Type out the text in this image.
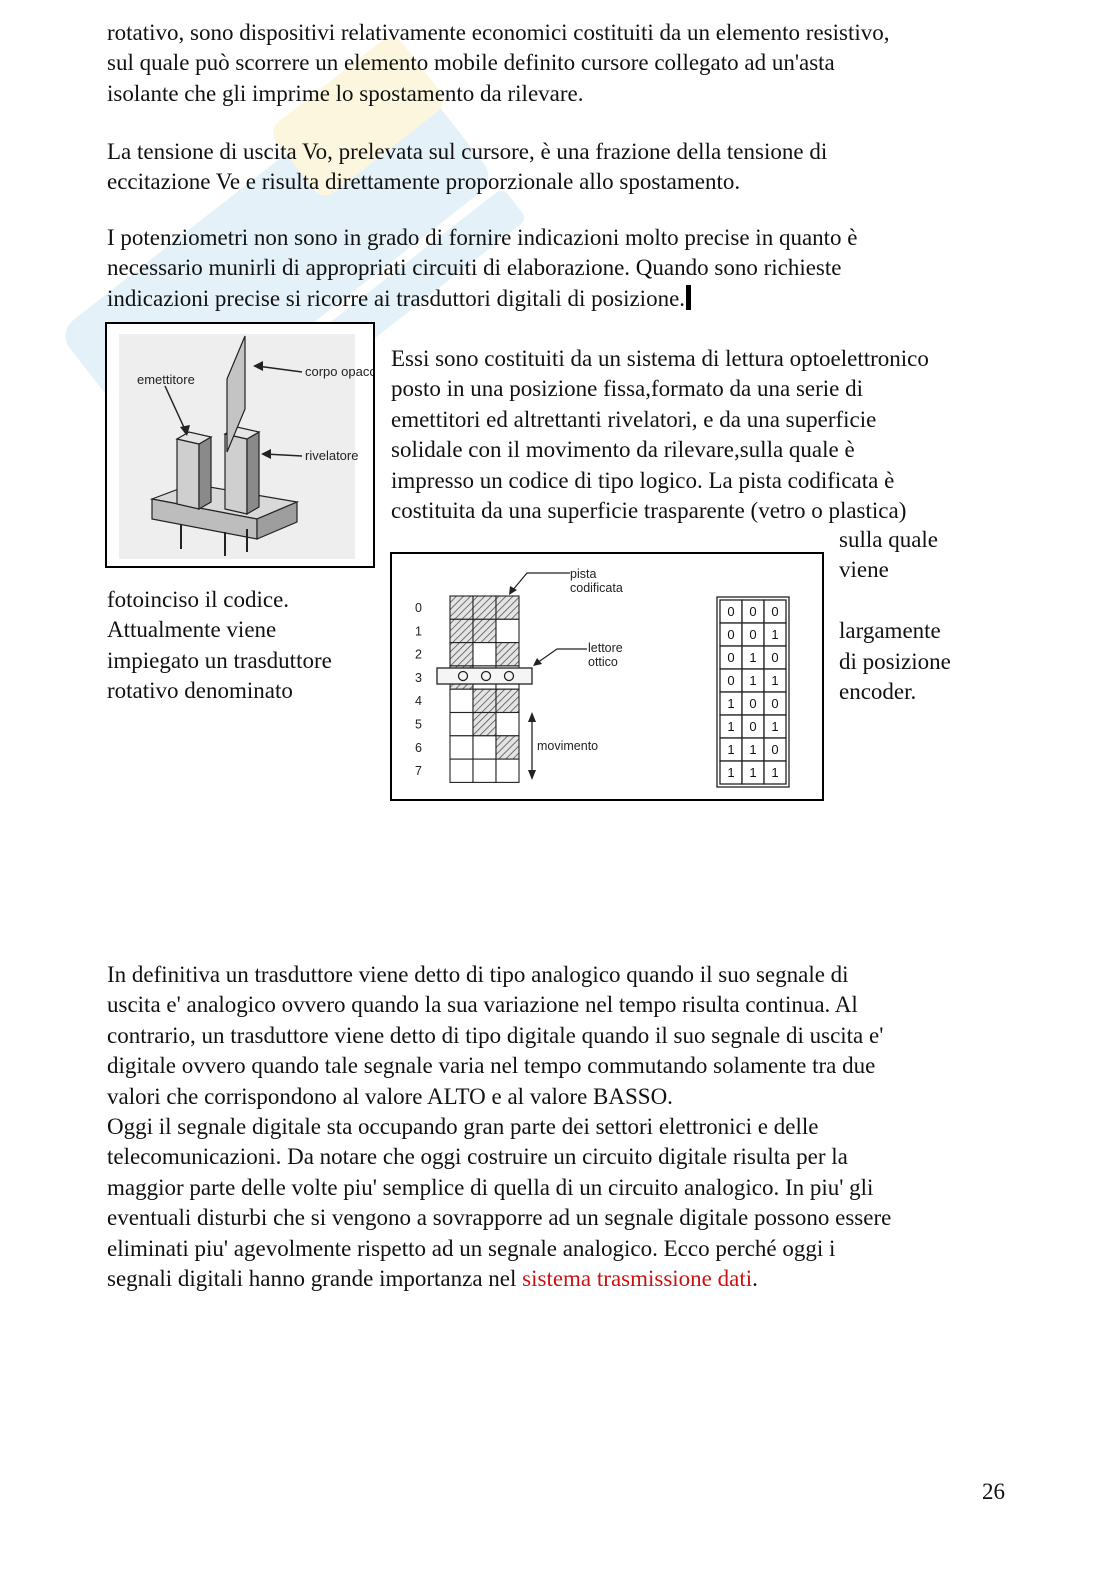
rotativo, sono dispositivi relativamente economici costituiti da un elemento resistivo,
sul quale può scorrere un elemento mobile definito cursore collegato ad un'asta
isolante che gli imprime lo spostamento da rilevare.

La tensione di uscita Vo, prelevata sul cursore, è una frazione della tensione di
eccitazione Ve e risulta direttamente proporzionale allo spostamento.

I potenziometri non sono in grado di fornire indicazioni molto precise in quanto è
necessario munirli di appropriati circuiti di elaborazione. Quando sono richieste
indicazioni precise si ricorre ai trasduttori digitali di posizione.

emettitore
corpo opaco
rivelatore

Essi sono costituiti da un sistema di lettura optoelettronico
posto in una posizione fissa,formato da una serie di
emettitori ed altrettanti rivelatori, e da una superficie
solidale con il movimento da rilevare,sulla quale è
impresso un codice di tipo logico. La pista codificata è
costituita da una superficie trasparente (vetro o plastica)

sulla quale
viene
largamente
di posizione
encoder.

fotoinciso il codice.
Attualmente viene
impiegato un trasduttore
rotativo denominato

0
1
2
3
4
5
6
7
pista
codificata
lettore
ottico
movimento
0 0 0
0 0 1
0 1 0
0 1 1
1 0 0
1 0 1
1 1 0
1 1 1

In definitiva un trasduttore viene detto di tipo analogico quando il suo segnale di
uscita e' analogico ovvero quando la sua variazione nel tempo risulta continua. Al
contrario, un trasduttore viene detto di tipo digitale quando il suo segnale di uscita e'
digitale ovvero quando tale segnale varia nel tempo commutando solamente tra due
valori che corrispondono al valore ALTO e al valore BASSO.
Oggi il segnale digitale sta occupando gran parte dei settori elettronici e delle
telecomunicazioni. Da notare che oggi costruire un circuito digitale risulta per la
maggior parte delle volte piu' semplice di quella di un circuito analogico. In piu' gli
eventuali disturbi che si vengono a sovrapporre ad un segnale digitale possono essere
eliminati piu' agevolmente rispetto ad un segnale analogico. Ecco perché oggi i
segnali digitali hanno grande importanza nel sistema trasmissione dati.

26
